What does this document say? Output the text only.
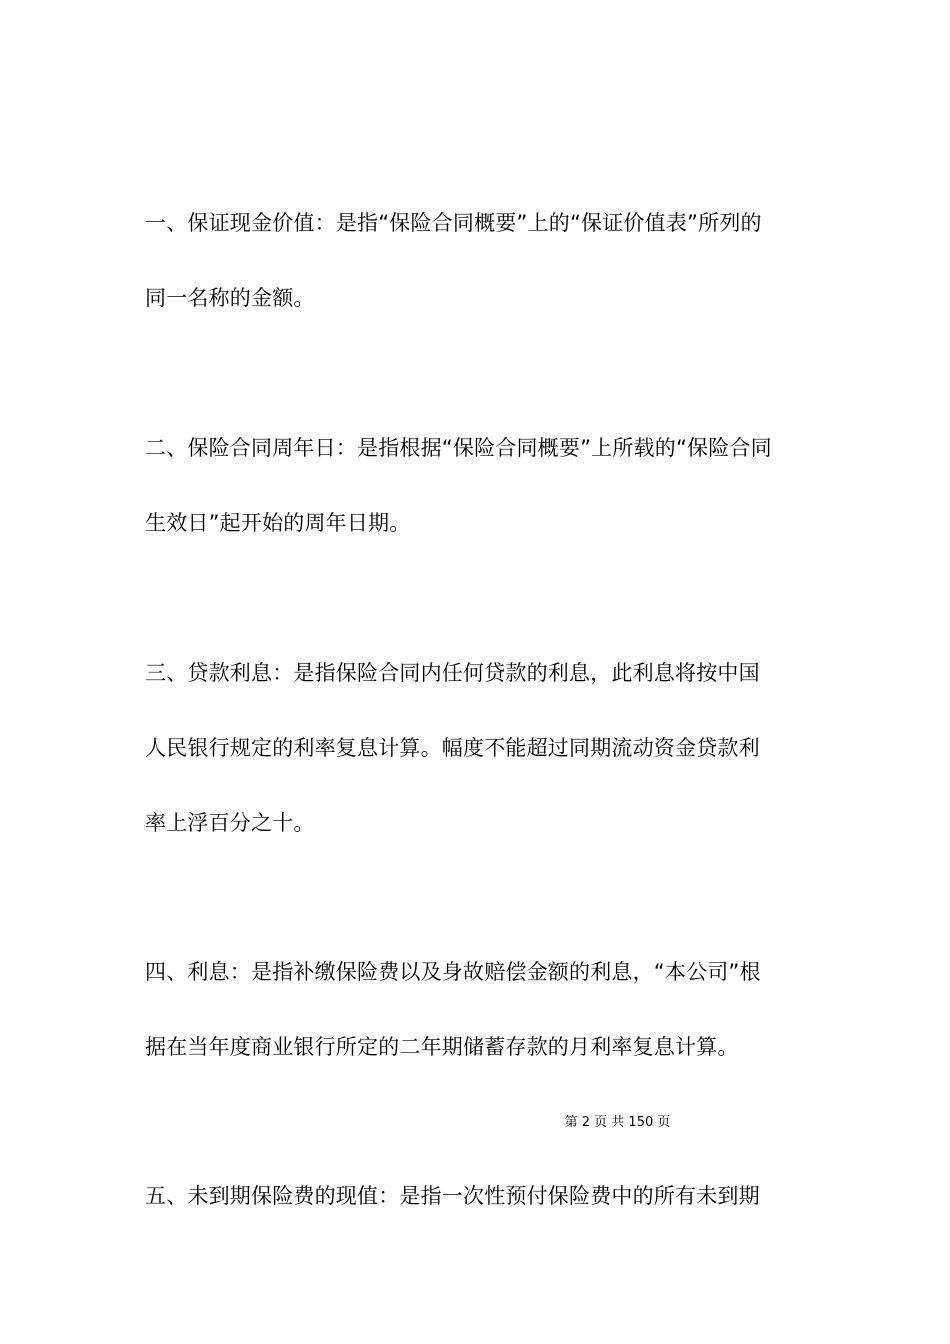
一、保证现金价值：是指“保险合同概要”上的“保证价值表”所列的
同一名称的金额。
二、保险合同周年日：是指根据“保险合同概要”上所载的“保险合同
生效日”起开始的周年日期。
三、贷款利息：是指保险合同内任何贷款的利息，此利息将按中国
人民银行规定的利率复息计算。幅度不能超过同期流动资金贷款利
率上浮百分之十。
四、利息：是指补缴保险费以及身故赔偿金额的利息，“本公司”根
据在当年度商业银行所定的二年期储蓄存款的月利率复息计算。
第 2 页 共 150 页
五、未到期保险费的现值：是指一次性预付保险费中的所有未到期
